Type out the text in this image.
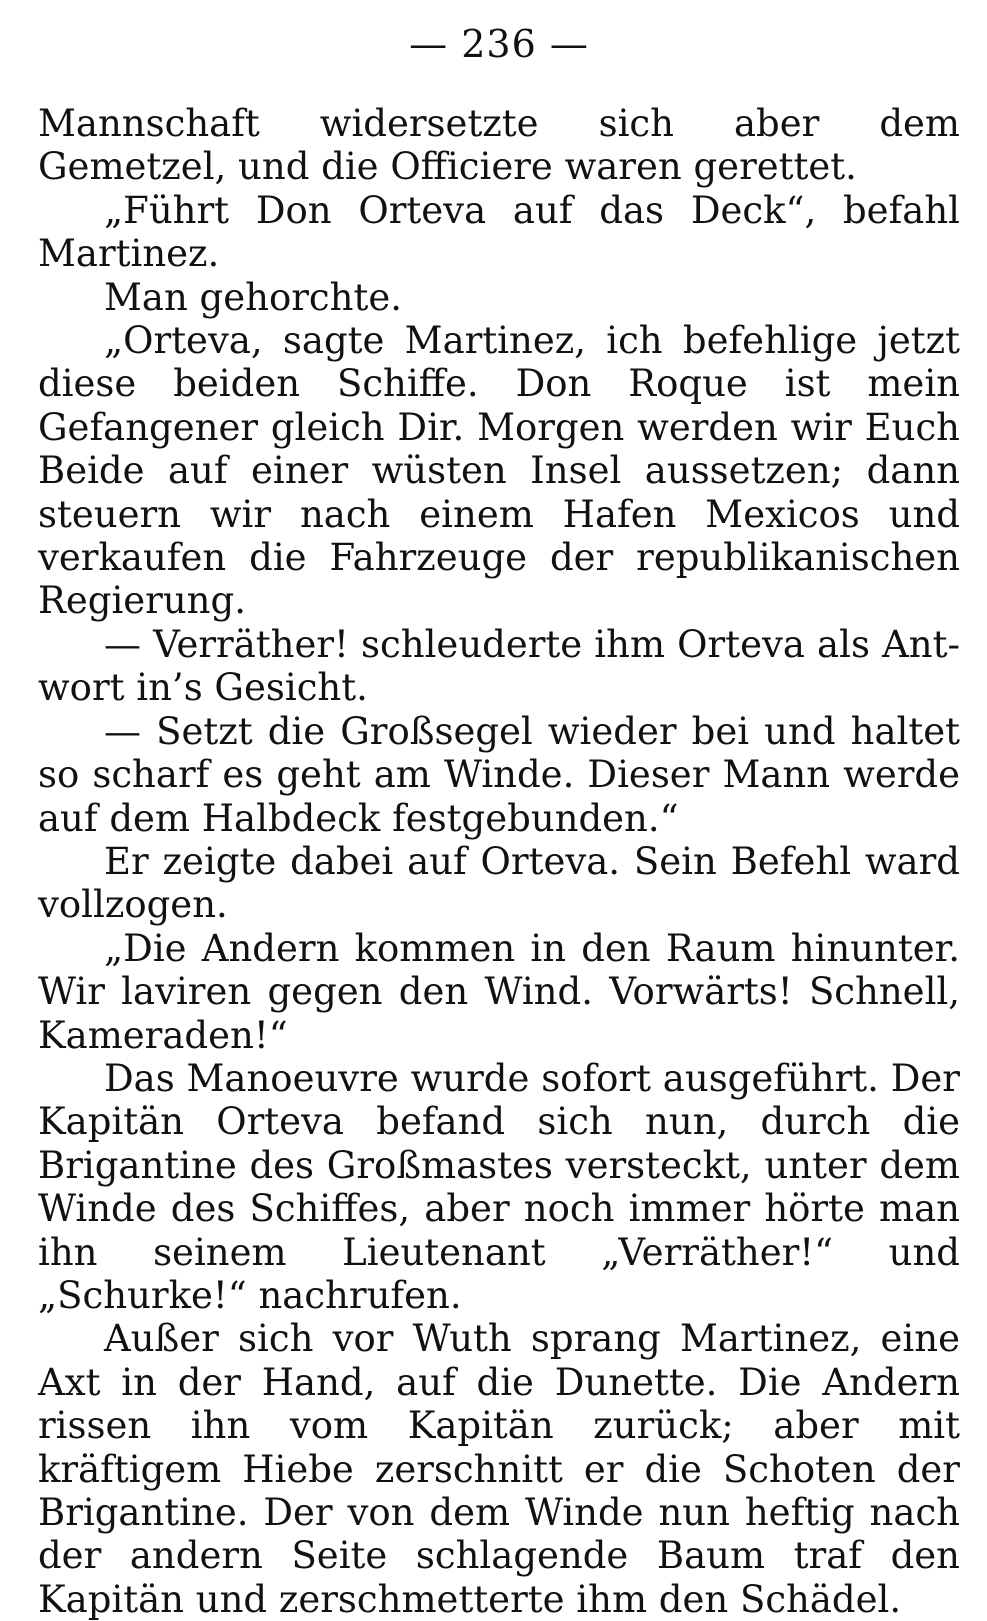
— 236 —

Mannschaft widersetzte sich aber dem Gemetzel, und die Officiere waren gerettet.

„Führt Don Orteva auf das Deck“, befahl Martinez.

Man gehorchte.

„Orteva, sagte Martinez, ich befehlige jetzt diese beiden Schiffe. Don Roque ist mein Gefangener gleich Dir. Morgen werden wir Euch Beide auf einer wüsten Insel aussetzen; dann steuern wir nach einem Hafen Mexicos und verkaufen die Fahrzeuge der republikanischen Regierung.

— Verräther! schleuderte ihm Orteva als Antwort in’s Gesicht.

— Setzt die Großsegel wieder bei und haltet so scharf es geht am Winde. Dieser Mann werde auf dem Halbdeck festgebunden.“

Er zeigte dabei auf Orteva. Sein Befehl ward vollzogen.

„Die Andern kommen in den Raum hinunter. Wir laviren gegen den Wind. Vorwärts! Schnell, Kameraden!“

Das Manoeuvre wurde sofort ausgeführt. Der Kapitän Orteva befand sich nun, durch die Brigantine des Großmastes versteckt, unter dem Winde des Schiffes, aber noch immer hörte man ihn seinem Lieutenant „Verräther!“ und „Schurke!“ nachrufen.

Außer sich vor Wuth sprang Martinez, eine Axt in der Hand, auf die Dunette. Die Andern rissen ihn vom Kapitän zurück; aber mit kräftigem Hiebe zerschnitt er die Schoten der Brigantine. Der von dem Winde nun heftig nach der andern Seite schlagende Baum traf den Kapitän und zerschmetterte ihm den Schädel.
